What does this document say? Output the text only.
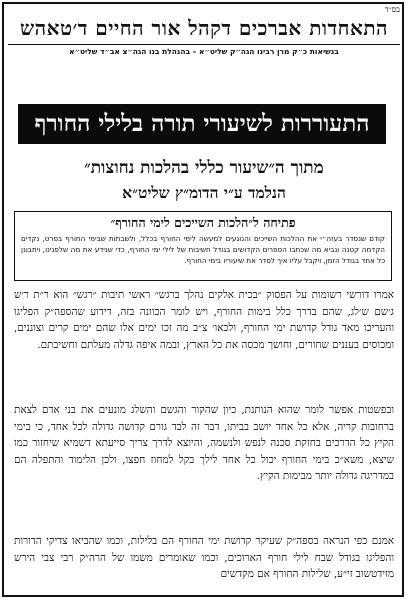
בס״ד
התאחדות אברכים דקהל אור החיים ד׳טאהש
בנשיאות כ״ק מרן רבינו הגה״ק שליט״א – בהנהלת בנו הגה״צ אב״ד שליט״א
התעוררות לשיעורי תורה בלילי החורף
מתוך ה״שיעור כללי בהלכות נחוצות״
הנלמד ע״י הדומ״ץ שליט״א
פתיחה ל״הלכות השייכים לימי החורף״
קודם שנסדר בעזה״י את ההלכות השייכים והנוגעים למעשה לימי החורף בכלל, ולשבתות שבימי החורף בפרט, נקדים הקדמה קטנה ונביא מה שכתבו הספרים הקדושים בגודל חשיבות של לילי ימי החורף, כדי שנידע את מה שלפנינו, ויתבונן כל אחד בגודל הזמן, ויקבל עליו איך לסדר את שיעוריו בימי החורף.

אמרו דורשי רשומות על הפסוק ״בכית אלקים נהלך ברגש״ ראשי תיבות ״רגש״ הוא ר״ת ר׳ש ג׳שם ש׳לג, שהם בדרך כלל בימות החורף, ויש לומר הכוונה בזה, דידוע שהספה״ק הפליגו והעריכו מאד גודל קדושת ימי החורף, ולכאו׳ צ״ב מה זכו ימים אלו שהם ימים קרים וצוננים, ומכוסים בעננים שחורים, וחושך מכסה את כל הארץ, ובמה איפה גדלה מעלתם וחשיבתם.

ובפשטות אפשר לומר שהוא הנותנת, כיון שהקור והגשם והשלג מונעים את בני אדם לצאת ברחובות קריה, אלא כל אחד יושב בביתו, דבר זה לבד גורם קדושה גדולה לכל אחד, כי בימי הקיץ כל הדרכים בחזקת סכנה לנפש ולנשמה, והיוצא לדרך צריך סייעתא דשמיא שיחזור כמו שיצא, משא״כ בימי החורף יכול כל אחד לילך בקל למחוז חפצו, ולכן הלימוד והתפלה הם במדריגה גדולה יותר מבימות הקיץ.

אמנם כפי הנראה בספה״ק שעיקר קדושת ימי החורף הם בלילות, וכמו שהביאו צדיקי הדורות והפליגו בגודל שבח לילי חורף הארוכים, וכמו שאומרים משמו של הרה״ק רבי צבי הירש מזידטשוב זי״ע, שלילות החורף אם מקדשים
